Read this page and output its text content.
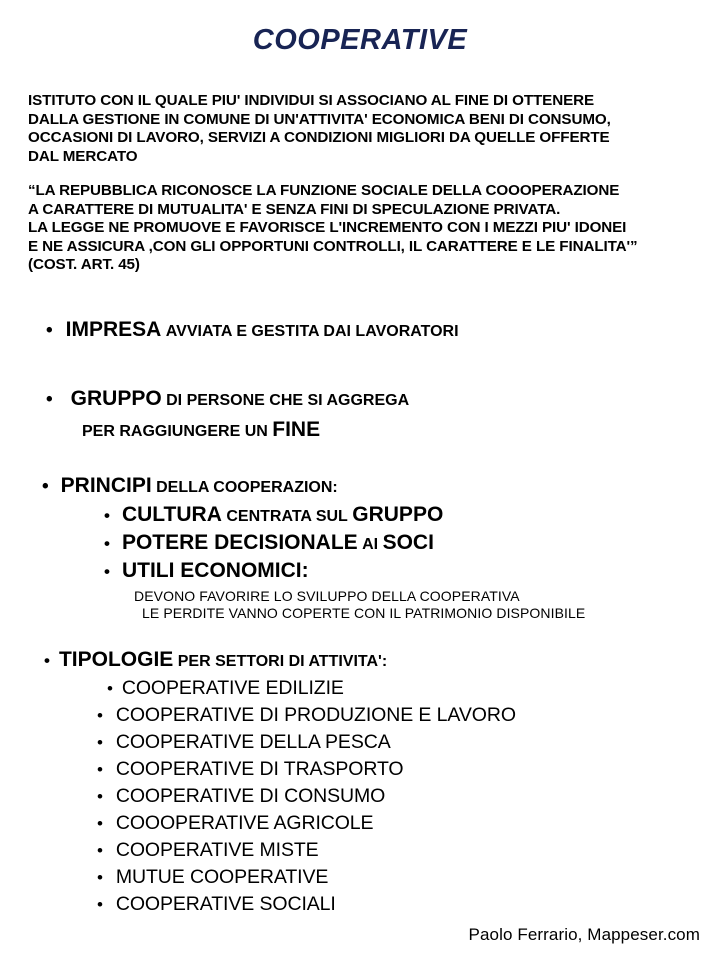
COOPERATIVE
ISTITUTO CON IL QUALE PIU' INDIVIDUI SI ASSOCIANO AL FINE DI OTTENERE
DALLA GESTIONE IN COMUNE DI UN'ATTIVITA' ECONOMICA BENI DI CONSUMO,
OCCASIONI DI LAVORO, SERVIZI A CONDIZIONI MIGLIORI DA QUELLE OFFERTE
DAL MERCATO
“LA REPUBBLICA RICONOSCE LA FUNZIONE SOCIALE DELLA COOOPERAZIONE
A CARATTERE DI MUTUALITA' E SENZA FINI DI SPECULAZIONE PRIVATA.
LA LEGGE NE PROMUOVE E FAVORISCE L'INCREMENTO CON I MEZZI PIU' IDONEI
E NE ASSICURA ,CON GLI OPPORTUNI CONTROLLI, IL CARATTERE E LE FINALITA'”
(COST. ART. 45)
• IMPRESA AVVIATA E GESTITA DAI LAVORATORI
• GRUPPO DI PERSONE CHE SI AGGREGA
PER RAGGIUNGERE UN FINE
• PRINCIPI DELLA COOPERAZION:
• CULTURA CENTRATA SUL GRUPPO
• POTERE DECISIONALE AI SOCI
• UTILI ECONOMICI:
DEVONO FAVORIRE LO SVILUPPO DELLA COOPERATIVA
LE PERDITE VANNO COPERTE CON IL PATRIMONIO DISPONIBILE
• TIPOLOGIE PER SETTORI DI ATTIVITA':
• COOPERATIVE EDILIZIE
• COOPERATIVE DI PRODUZIONE E LAVORO
• COOPERATIVE DELLA PESCA
• COOPERATIVE DI TRASPORTO
• COOPERATIVE DI CONSUMO
• COOOPERATIVE AGRICOLE
• COOPERATIVE MISTE
• MUTUE COOPERATIVE
• COOPERATIVE SOCIALI
Paolo Ferrario, Mappeser.com
